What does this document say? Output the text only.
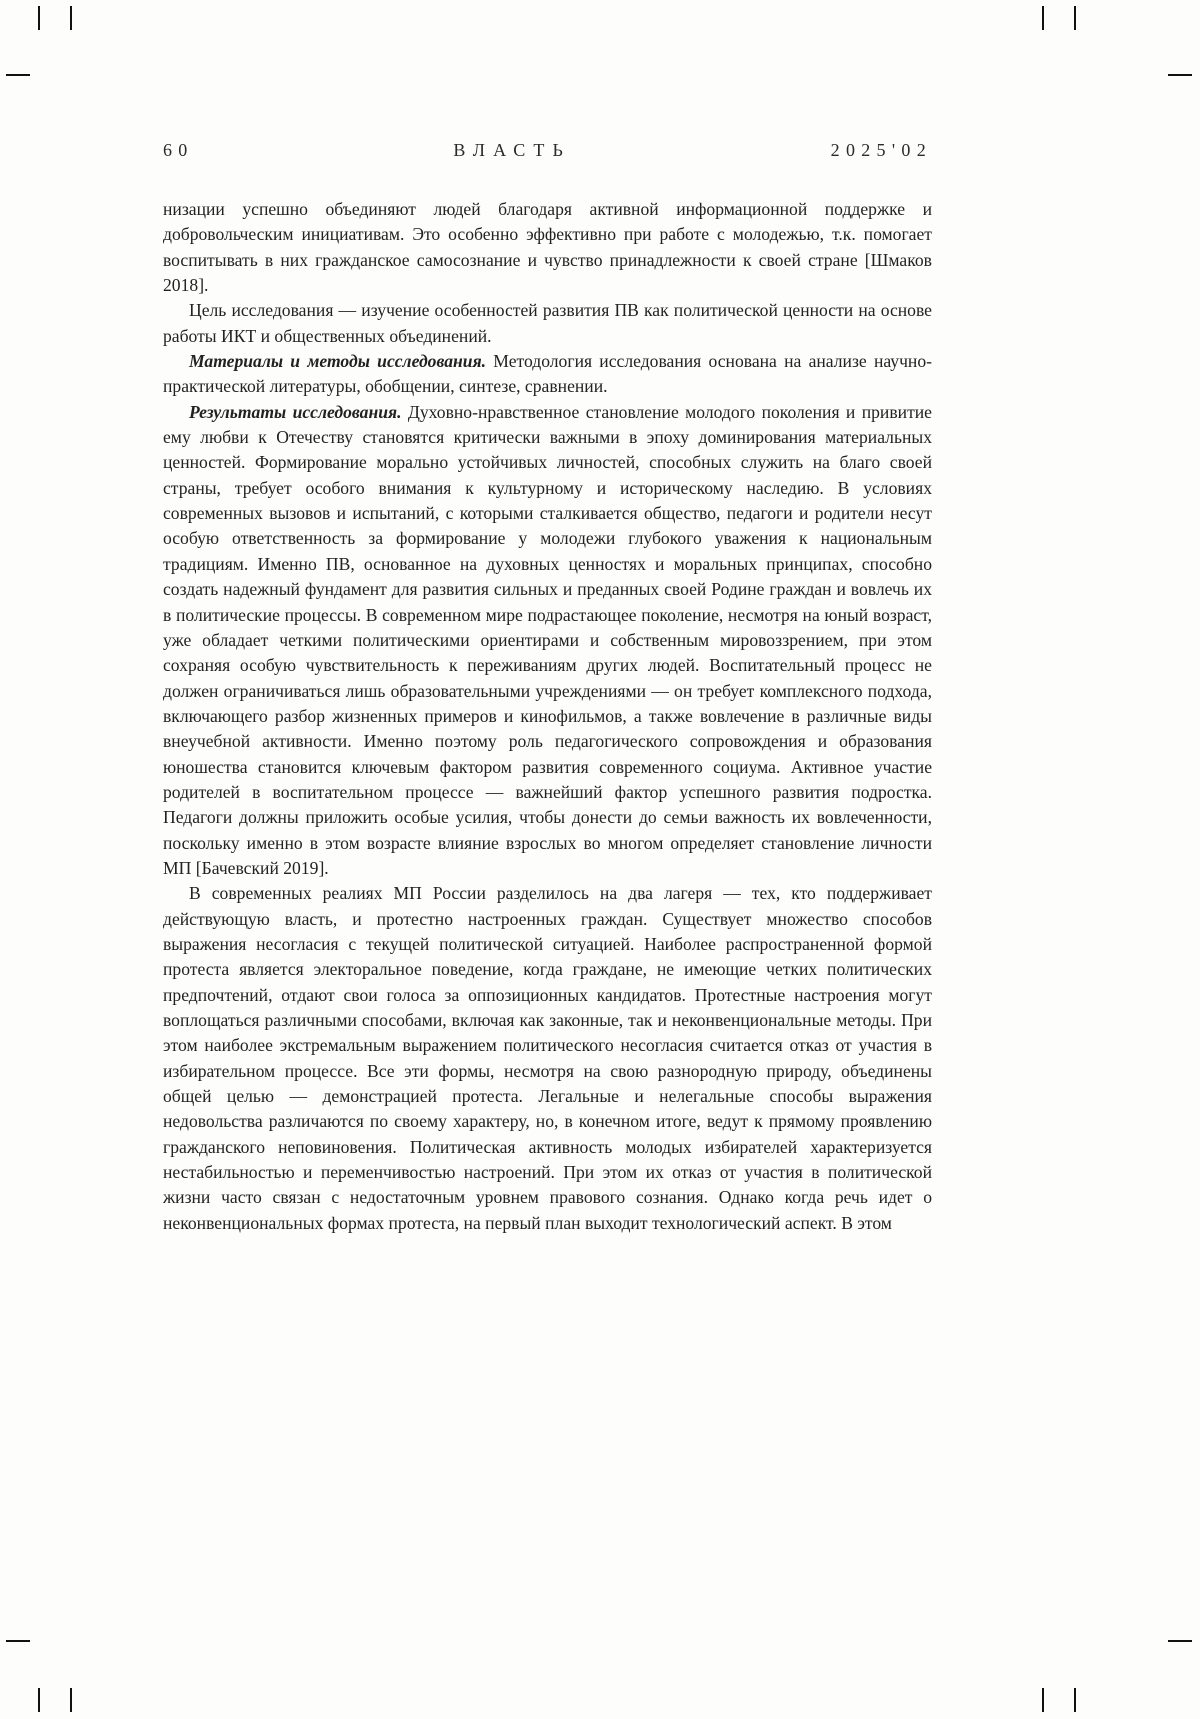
60	ВЛАСТЬ	2025'02

низации успешно объединяют людей благодаря активной информационной поддержке и добровольческим инициативам. Это особенно эффективно при работе с молодежью, т.к. помогает воспитывать в них гражданское самосознание и чувство принадлежности к своей стране [Шмаков 2018].

Цель исследования — изучение особенностей развития ПВ как политической ценности на основе работы ИКТ и общественных объединений.

Материалы и методы исследования. Методология исследования основана на анализе научно-практической литературы, обобщении, синтезе, сравнении.

Результаты исследования. Духовно-нравственное становление молодого поколения и привитие ему любви к Отечеству становятся критически важными в эпоху доминирования материальных ценностей. Формирование морально устойчивых личностей, способных служить на благо своей страны, требует особого внимания к культурному и историческому наследию. В условиях современных вызовов и испытаний, с которыми сталкивается общество, педагоги и родители несут особую ответственность за формирование у молодежи глубокого уважения к национальным традициям. Именно ПВ, основанное на духовных ценностях и моральных принципах, способно создать надежный фундамент для развития сильных и преданных своей Родине граждан и вовлечь их в политические процессы. В современном мире подрастающее поколение, несмотря на юный возраст, уже обладает четкими политическими ориентирами и собственным мировоззрением, при этом сохраняя особую чувствительность к переживаниям других людей. Воспитательный процесс не должен ограничиваться лишь образовательными учреждениями — он требует комплексного подхода, включающего разбор жизненных примеров и кинофильмов, а также вовлечение в различные виды внеучебной активности. Именно поэтому роль педагогического сопровождения и образования юношества становится ключевым фактором развития современного социума. Активное участие родителей в воспитательном процессе — важнейший фактор успешного развития подростка. Педагоги должны приложить особые усилия, чтобы донести до семьи важность их вовлеченности, поскольку именно в этом возрасте влияние взрослых во многом определяет становление личности МП [Бачевский 2019].

В современных реалиях МП России разделилось на два лагеря — тех, кто поддерживает действующую власть, и протестно настроенных граждан. Существует множество способов выражения несогласия с текущей политической ситуацией. Наиболее распространенной формой протеста является электоральное поведение, когда граждане, не имеющие четких политических предпочтений, отдают свои голоса за оппозиционных кандидатов. Протестные настроения могут воплощаться различными способами, включая как законные, так и неконвенциональные методы. При этом наиболее экстремальным выражением политического несогласия считается отказ от участия в избирательном процессе. Все эти формы, несмотря на свою разнородную природу, объединены общей целью — демонстрацией протеста. Легальные и нелегальные способы выражения недовольства различаются по своему характеру, но, в конечном итоге, ведут к прямому проявлению гражданского неповиновения. Политическая активность молодых избирателей характеризуется нестабильностью и переменчивостью настроений. При этом их отказ от участия в политической жизни часто связан с недостаточным уровнем правового сознания. Однако когда речь идет о неконвенциональных формах протеста, на первый план выходит технологический аспект. В этом
